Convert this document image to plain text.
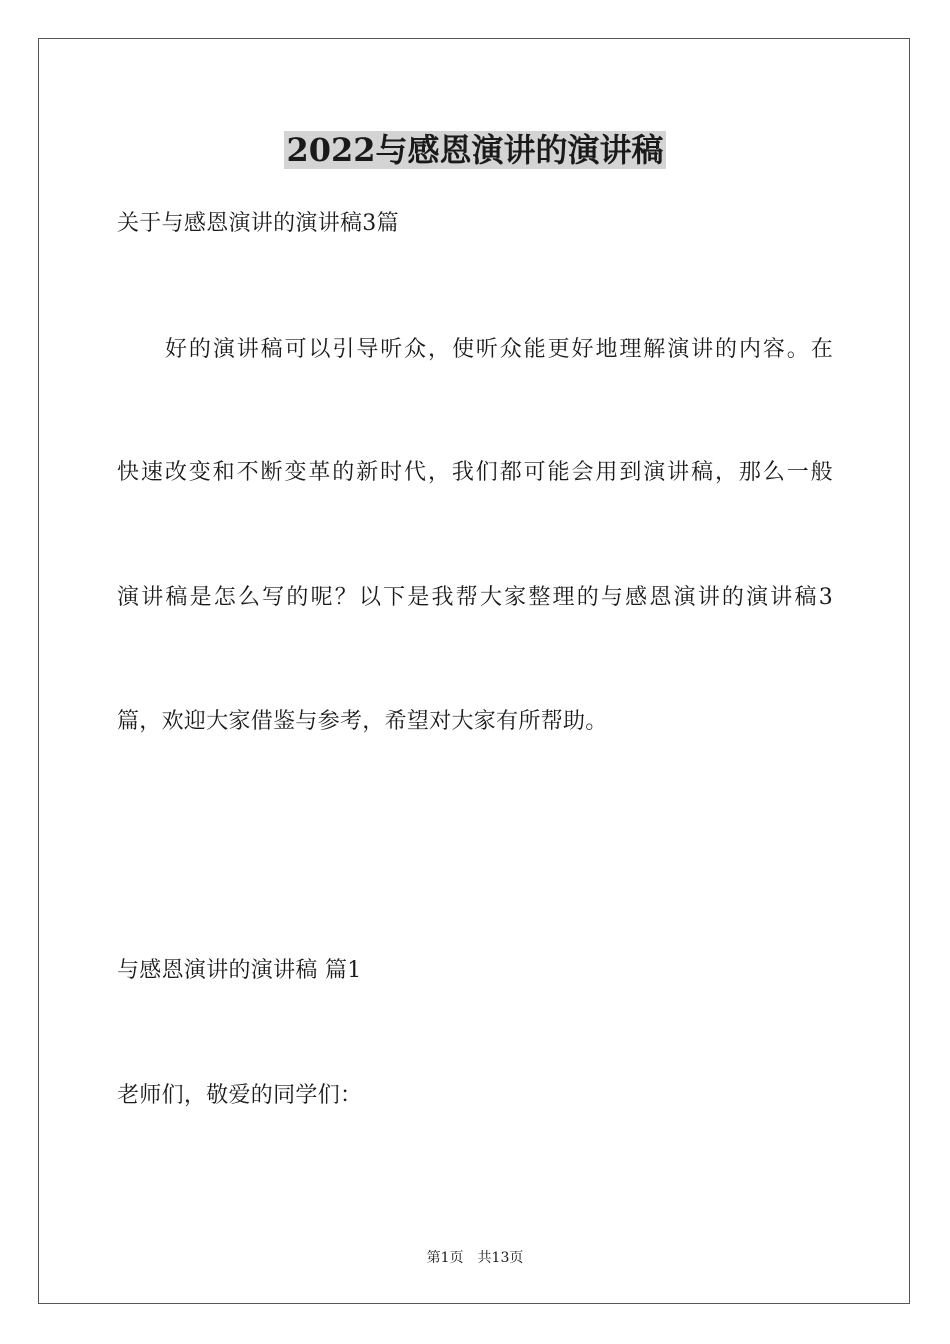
2022与感恩演讲的演讲稿
关于与感恩演讲的演讲稿3篇
好的演讲稿可以引导听众，使听众能更好地理解演讲的内容。在
快速改变和不断变革的新时代，我们都可能会用到演讲稿，那么一般
演讲稿是怎么写的呢？以下是我帮大家整理的与感恩演讲的演讲稿3
篇，欢迎大家借鉴与参考，希望对大家有所帮助。
与感恩演讲的演讲稿 篇1
老师们，敬爱的同学们：
第1页 共13页
